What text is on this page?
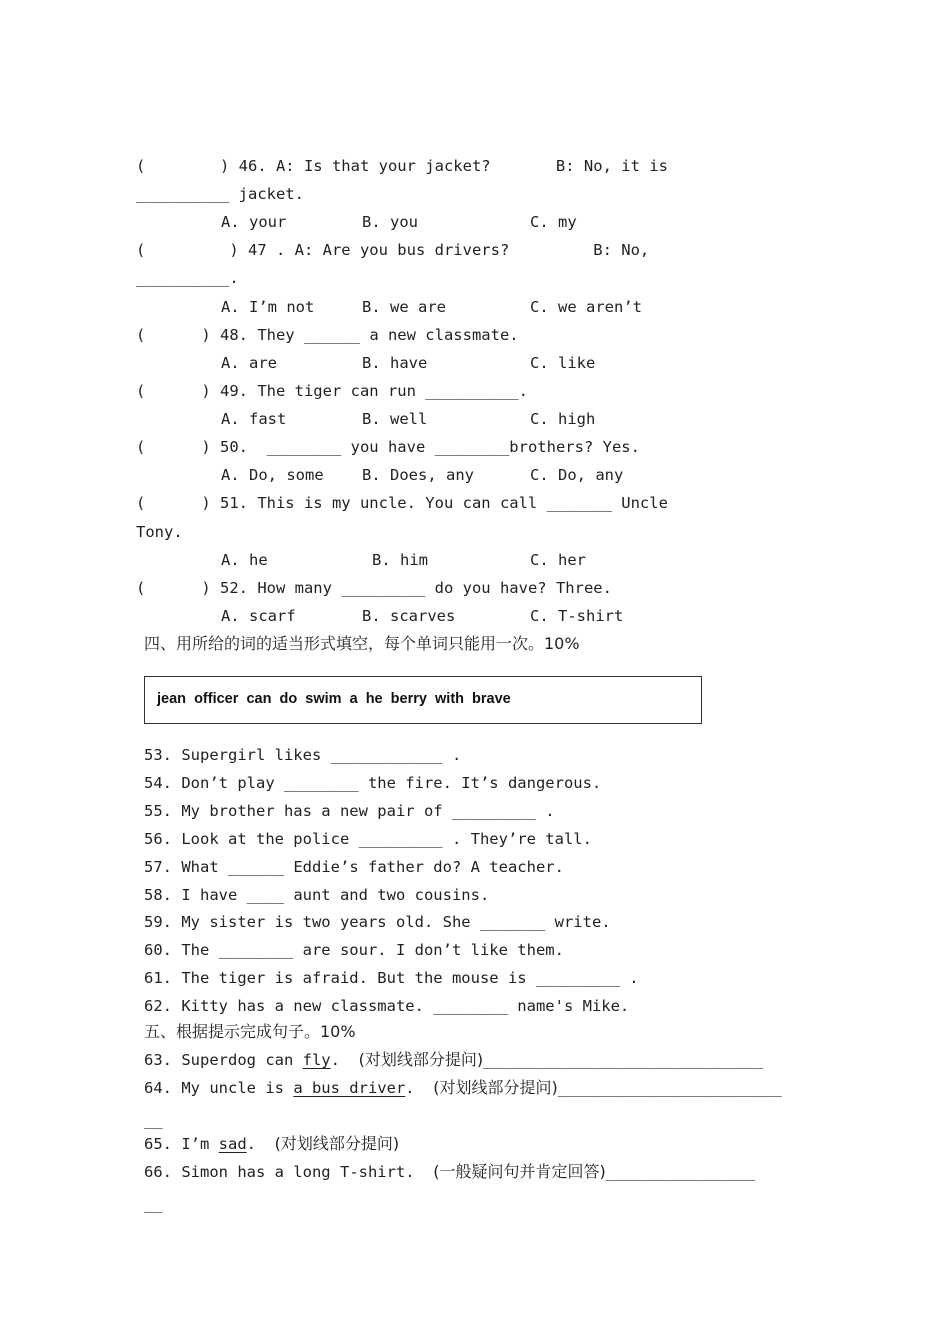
(        ) 46. A: Is that your jacket?       B: No, it is
__________ jacket.
A. your	B. you	C. my
(         ) 47 . A: Are you bus drivers?         B: No,
__________.
A. I’m not	B. we are	C. we aren’t
(      ) 48. They ______ a new classmate.
A. are	B. have	C. like
(      ) 49. The tiger can run __________.
A. fast	B. well	C. high
(      ) 50.  ________ you have ________brothers? Yes.
A. Do, some B. Does, any	C. Do, any
(      ) 51. This is my uncle. You can call _______ Uncle
Tony.
A. he	B. him	C. her
(      ) 52. How many _________ do you have? Three.
A. scarf	B. scarves	C. T-shirt
四、用所给的词的适当形式填空，每个单词只能用一次。10%
jean  officer  can  do  swim  a  he  berry  with  brave
53. Supergirl likes ____________ .
54. Don’t play ________ the fire. It’s dangerous.
55. My brother has a new pair of _________ .
56. Look at the police _________ . They’re tall.
57. What ______ Eddie’s father do? A teacher.
58. I have ____ aunt and two cousins.
59. My sister is two years old. She _______ write.
60. The ________ are sour. I don’t like them.
61. The tiger is afraid. But the mouse is _________ .
62. Kitty has a new classmate. ________ name's Mike.
五、根据提示完成句子。10%
63. Superdog can fly.  (对划线部分提问)______________________________
64. My uncle is a bus driver.  (对划线部分提问)________________________
__
65. I’m sad.  (对划线部分提问)
66. Simon has a long T-shirt.  (一般疑问句并肯定回答)________________
__
